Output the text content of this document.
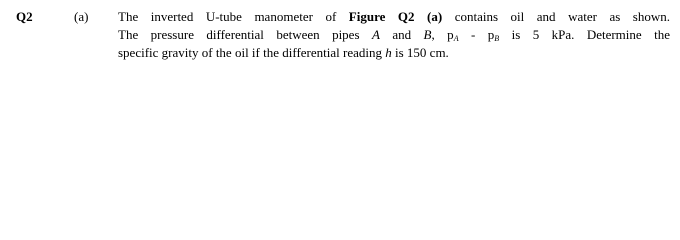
Q2	(a) The inverted U-tube manometer of Figure Q2 (a) contains oil and water as shown.
The pressure differential between pipes A and B, $p_A - p_B$ is 5 kPa. Determine the
specific gravity of the oil if the differential reading h is 150 cm.
